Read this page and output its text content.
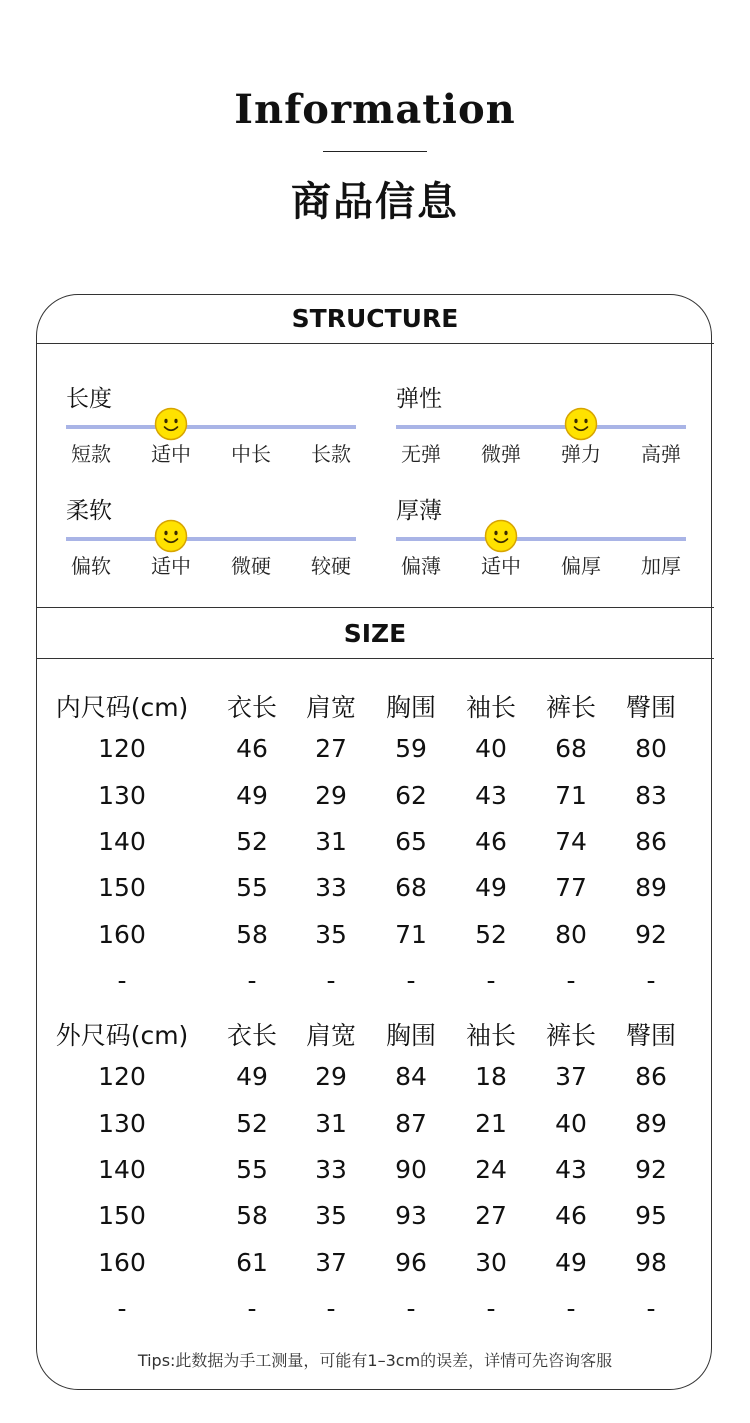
Information
商品信息
STRUCTURE
长度
短款	适中	中长	长款
弹性
无弹	微弹	弹力	高弹
柔软
偏软	适中	微硬	较硬
厚薄
偏薄	适中	偏厚	加厚
SIZE
内尺码(cm) 衣长 肩宽 胸围 袖长 裤长 臀围
120	46 27 59 40 68 80
130	49 29 62 43 71 83
140	52 31 65 46 74 86
150	55 33 68 49 77 89
160	58 35 71 52 80 92
-	-	-	-	-	-	-
外尺码(cm) 衣长 肩宽 胸围 袖长 裤长 臀围
120	49 29 84 18 37 86
130	52 31 87 21 40 89
140	55 33 90 24 43 92
150	58 35 93 27 46 95
160	61 37 96 30 49 98
-	-	-	-	-	-	-
Tips:此数据为手工测量，可能有1–3cm的误差，详情可先咨询客服
